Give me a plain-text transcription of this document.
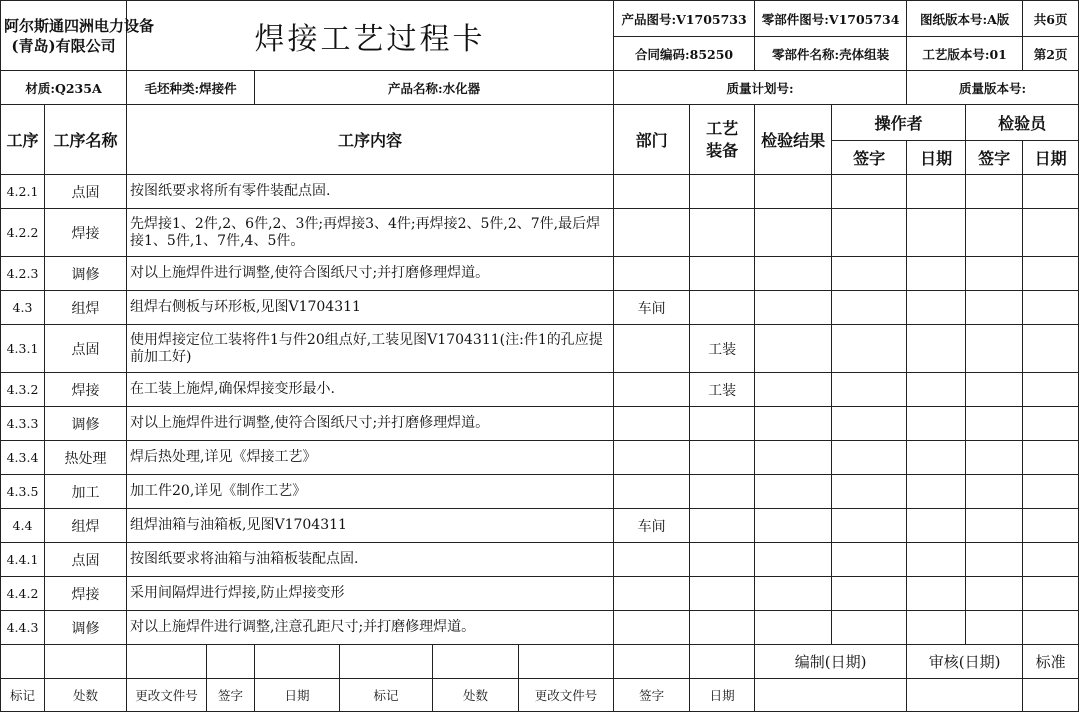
阿尔斯通四洲电力设备
(青岛)有限公司		焊接工艺过程卡						产品图号:V1705733		零部件图号:V1705734		图纸版本号:A版		共6页
								合同编码:85250		零部件名称:壳体组装		工艺版本号:01		第2页
材质:Q235A		毛坯种类:焊接件		产品名称:水化器				质量计划号:				质量版本号:		
工序	工序名称	工序内容						部门	工艺装备	检验结果	操作者		检验员	
											签字	日期	签字	日期
4.2.1	点固	按图纸要求将所有零件装配点固.												
4.2.2	焊接	先焊接1、2件,2、6件,2、3件;再焊接3、4件;再焊接2、5件,2、7件,最后焊接1、5件,1、7件,4、5件。												
4.2.3	调修	对以上施焊件进行调整,使符合图纸尺寸;并打磨修理焊道。												
4.3	组焊	组焊右侧板与环形板,见图V1704311						车间						
4.3.1	点固	使用焊接定位工装将件1与件20组点好,工装见图V1704311(注:件1的孔应提前加工好)							工装					
4.3.2	焊接	在工装上施焊,确保焊接变形最小.							工装					
4.3.3	调修	对以上施焊件进行调整,使符合图纸尺寸;并打磨修理焊道。												
4.3.4	热处理	焊后热处理,详见《焊接工艺》												
4.3.5	加工	加工件20,详见《制作工艺》												
4.4	组焊	组焊油箱与油箱板,见图V1704311						车间						
4.4.1	点固	按图纸要求将油箱与油箱板装配点固.												
4.4.2	焊接	采用间隔焊进行焊接,防止焊接变形												
4.4.3	调修	对以上施焊件进行调整,注意孔距尺寸;并打磨修理焊道。												
										编制(日期)		审核(日期)		标准
标记	处数	更改文件号	签字	日期	标记	处数	更改文件号	签字	日期					
